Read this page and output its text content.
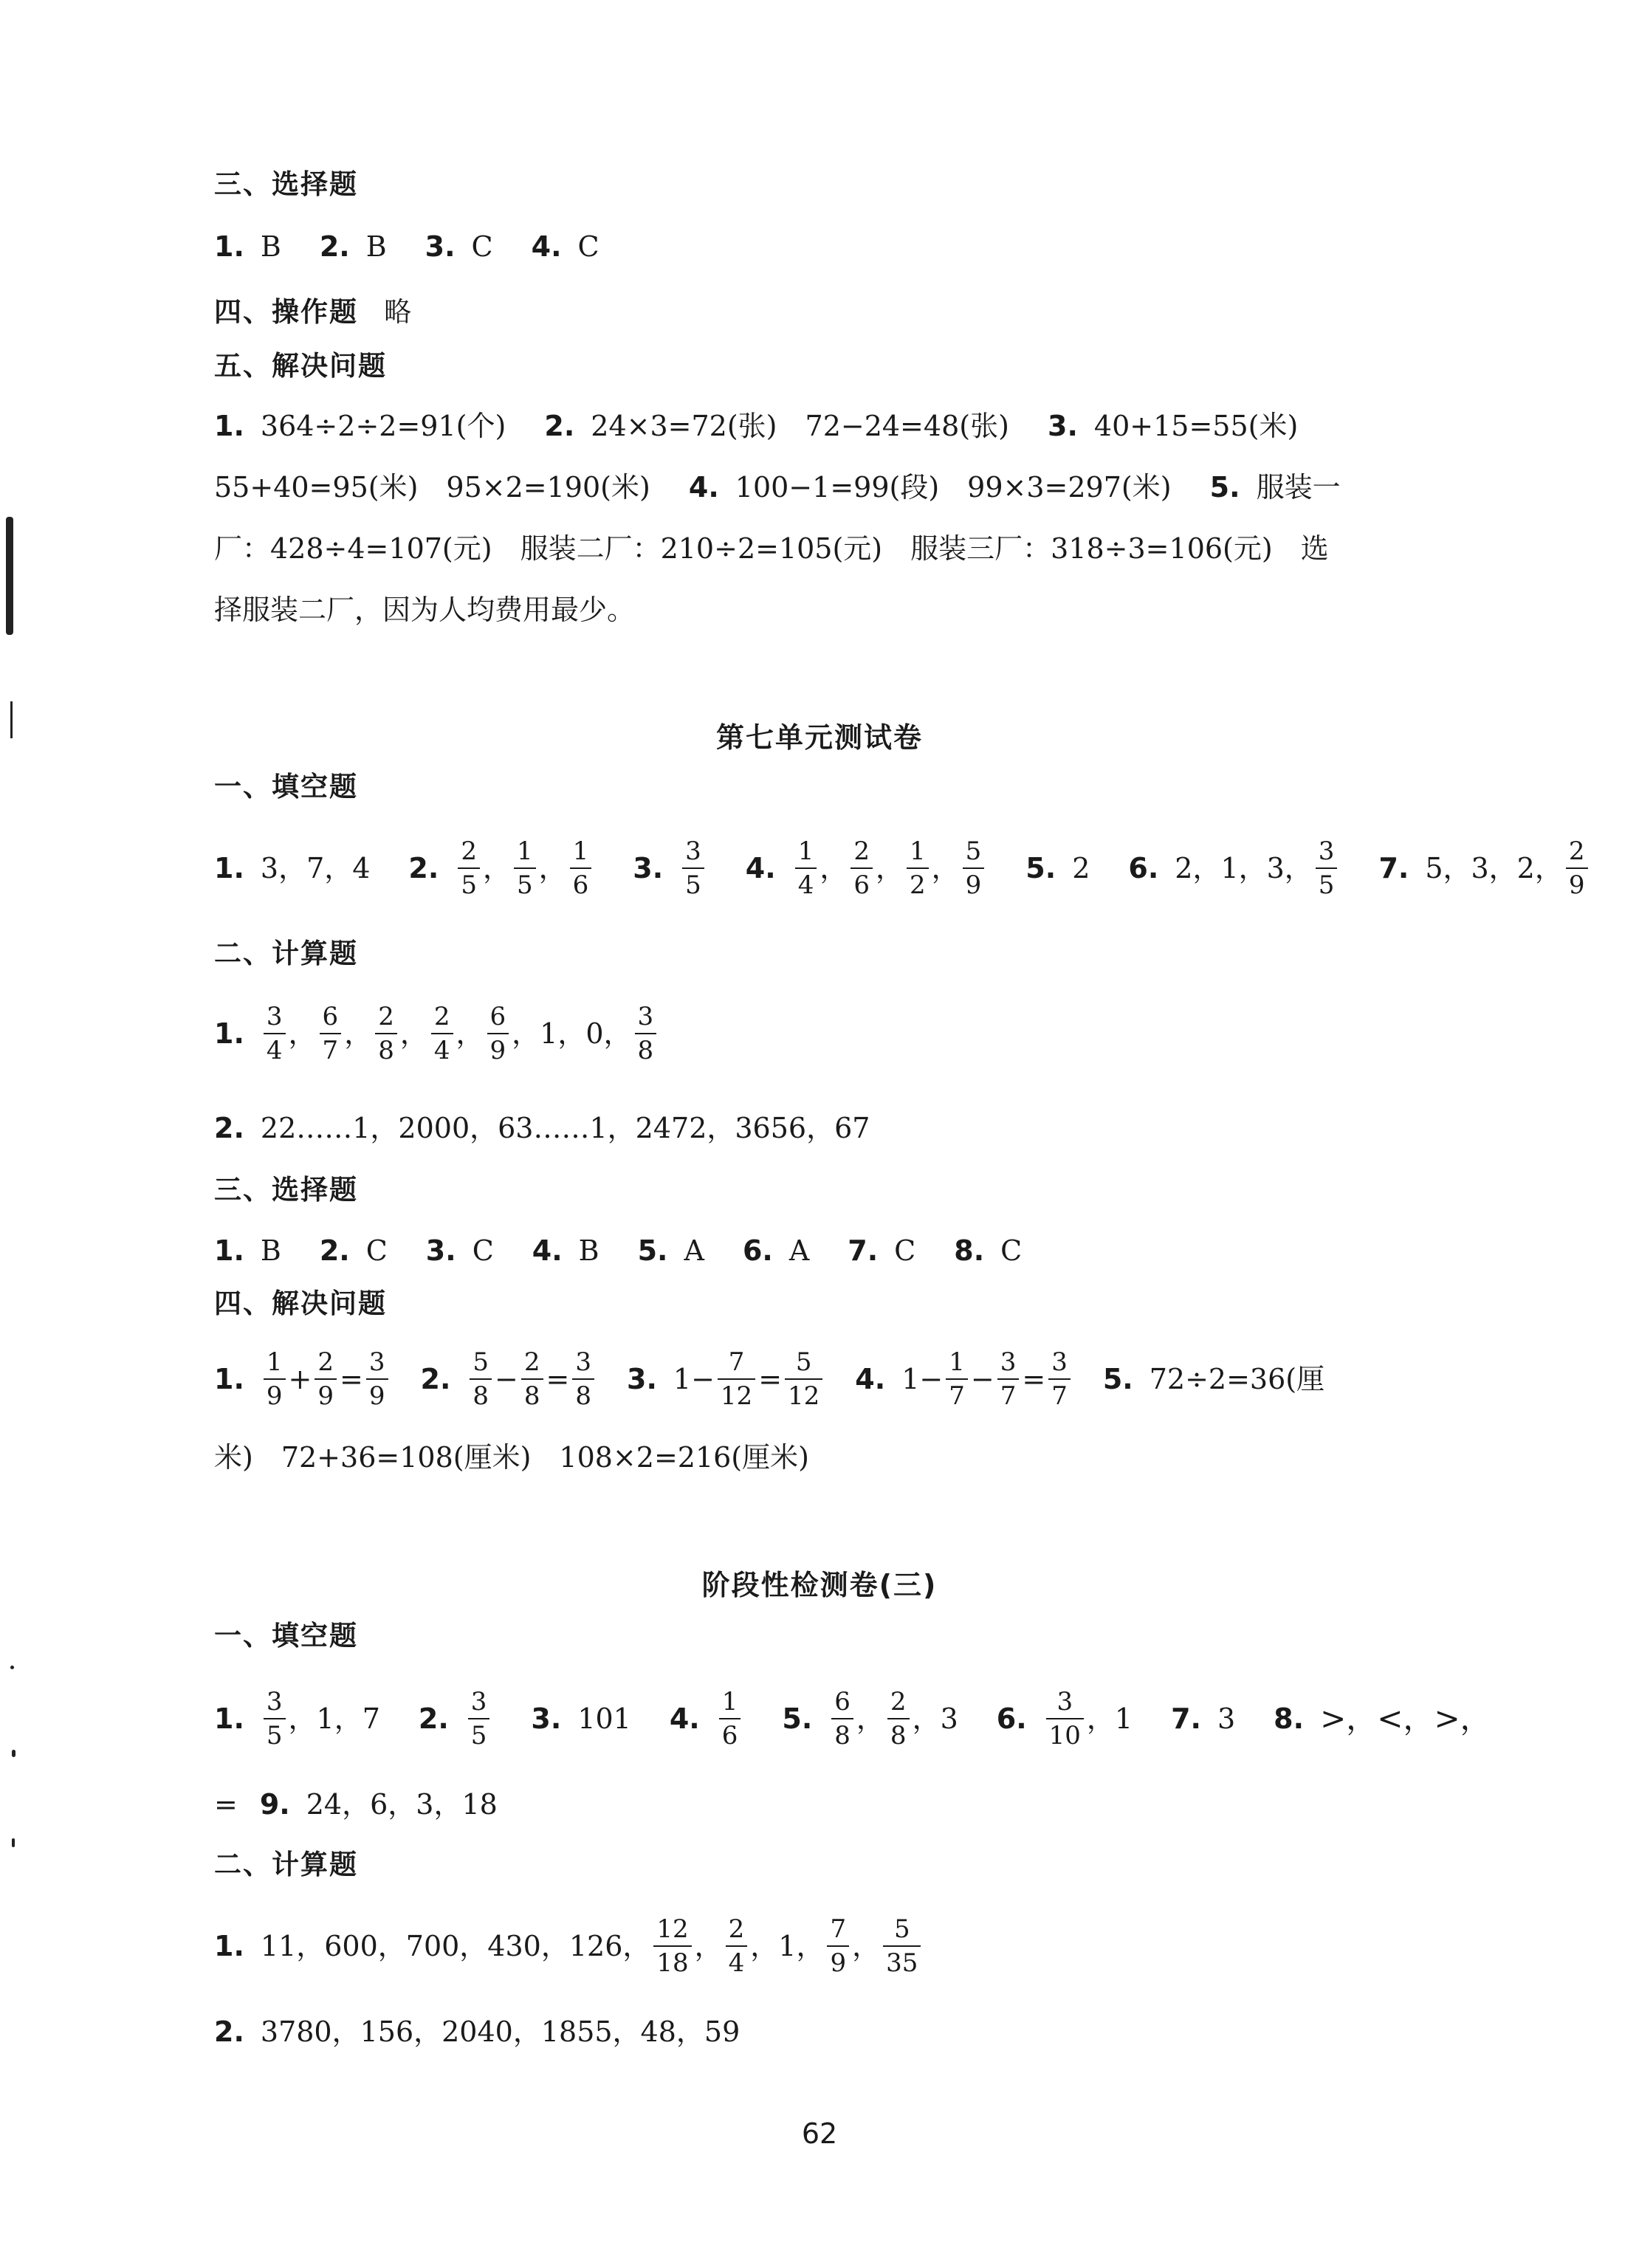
三、选择题
1. B 2. B 3. C 4. C
四、操作题 略
五、解决问题
1. 364÷2÷2=91(个) 2. 24×3=72(张)　72−24=48(张) 3. 40+15=55(米)
55+40=95(米)　95×2=190(米) 4. 100−1=99(段)　99×3=297(米) 5. 服装一
厂：428÷4=107(元)　服装二厂：210÷2=105(元)　服装三厂：318÷3=106(元)　选
择服装二厂，因为人均费用最少。
第七单元测试卷
一、填空题
1. 3，7，4 2. $\frac{2}{5}$ ， $\frac{1}{5}$ ， $\frac{1}{6} 3$. $\frac{3}{5} 4$. $\frac{1}{4}$ ， $\frac{2}{6}$ ， $\frac{1}{2}$ ， $\frac{5}{9} 5$. 2 6. 2，1，3， $\frac{3}{5} 7$. 5，3，2， $\frac{2}{9}$
二、计算题
1. $\frac{3}{4}$ ， $\frac{6}{7}$ ， $\frac{2}{8}$ ， $\frac{2}{4}$ ， $\frac{6}{9}$ ，1，0， $\frac{3}{8}$
2. 22……1，2000，63……1，2472，3656，67
三、选择题
1. B 2. C 3. C 4. B 5. A 6. A 7. C 8. C
四、解决问题
1. $\frac{1}{9} + \frac{2}{9} = \frac{3}{9} 2$. $\frac{5}{8} - \frac{2}{8} = \frac{3}{8} 3$. $1- \frac{7}{12} = \frac{5}{12} 4$. $1- \frac{1}{7} - \frac{3}{7} = \frac{3}{7} 5$. 72÷2=36(厘
米)　72+36=108(厘米)　108×2=216(厘米)
阶段性检测卷(三)
一、填空题
1. $\frac{3}{5}$ ，1，7 2. $\frac{3}{5} 3$. 101 4. $\frac{1}{6} 5$. $\frac{6}{8}$ ， $\frac{2}{8}$ ，3 6. $\frac{3}{10}$ ，1 7. 3 8. >，<，>，
= 9. 24，6，3，18
二、计算题
1. 11，600，700，430，126， $\frac{12}{18}$ ， $\frac{2}{4}$ ，1， $\frac{7}{9}$ ， $\frac{5}{35}$
2. 3780，156，2040，1855，48，59
62
